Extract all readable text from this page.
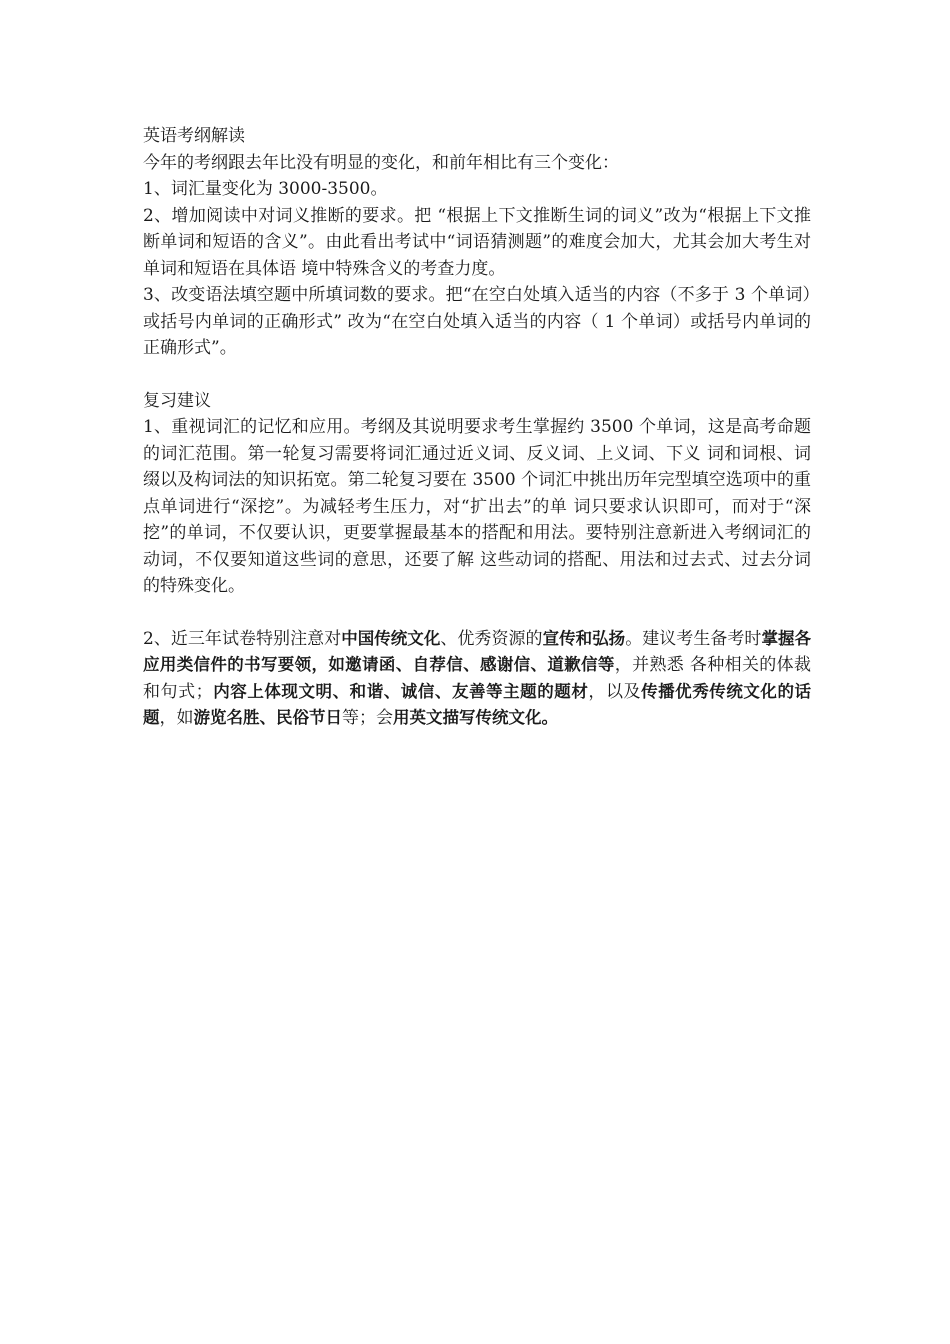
英语考纲解读

今年的考纲跟去年比没有明显的变化，和前年相比有三个变化：

1、词汇量变化为 3000-3500。

2、增加阅读中对词义推断的要求。把 “根据上下文推断生词的词义”改为“根据上下文推断单词和短语的含义”。由此看出考试中“词语猜测题”的难度会加大，尤其会加大考生对单词和短语在具体语 境中特殊含义的考查力度。

3、改变语法填空题中所填词数的要求。把“在空白处填入适当的内容（不多于 3 个单词）或括号内单词的正确形式” 改为“在空白处填入适当的内容（ 1 个单词）或括号内单词的正确形式”。

复习建议

1、重视词汇的记忆和应用。考纲及其说明要求考生掌握约 3500 个单词，这是高考命题的词汇范围。第一轮复习需要将词汇通过近义词、反义词、上义词、下义 词和词根、词缀以及构词法的知识拓宽。第二轮复习要在 3500 个词汇中挑出历年完型填空选项中的重点单词进行“深挖”。为减轻考生压力，对“扩出去”的单 词只要求认识即可，而对于“深挖”的单词，不仅要认识，更要掌握最基本的搭配和用法。要特别注意新进入考纲词汇的动词，不仅要知道这些词的意思，还要了解 这些动词的搭配、用法和过去式、过去分词的特殊变化。

2、近三年试卷特别注意对中国传统文化、优秀资源的宣传和弘扬。建议考生备考时掌握各应用类信件的书写要领，如邀请函、自荐信、感谢信、道歉信等，并熟悉 各种相关的体裁和句式；内容上体现文明、和谐、诚信、友善等主题的题材，以及传播优秀传统文化的话题，如游览名胜、民俗节日等；会用英文描写传统文化。
